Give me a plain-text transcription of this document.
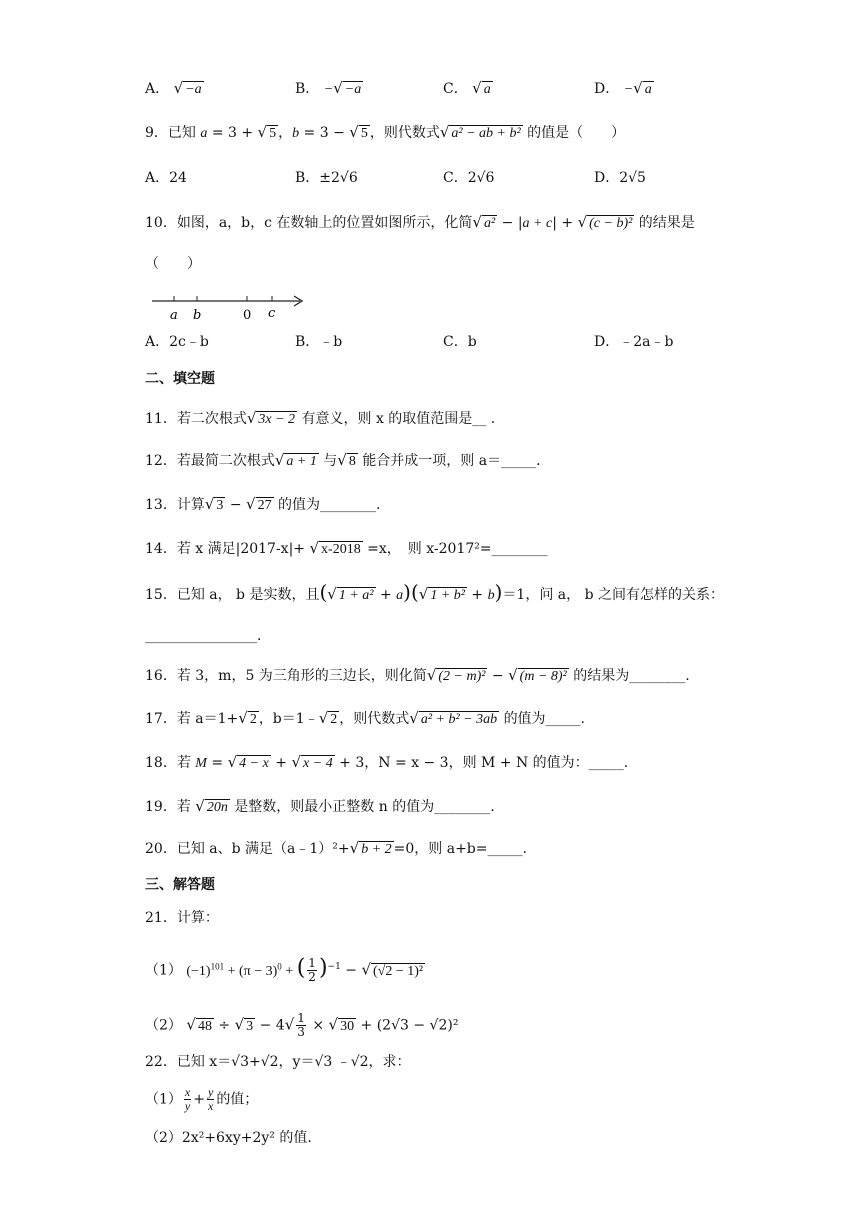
A． √ −a	B． −√ −a	C． √ a	D． −√ a
9．已知 a = 3 + √ 5 ，b = 3 − √ 5 ，则代数式√ a² − ab + b² 的值是（　　）
A．24	B．±2√6	C．2√6	D．2√5
10．如图，a，b，c 在数轴上的位置如图所示，化简√ a² − |a + c| + √ (c − b)² 的结果是
（　　）
a b	0 c
A．2c﹣b	B．﹣b	C．b	D．﹣2a﹣b
二、填空题
11．若二次根式√ 3x − 2 有意义，则 x 的取值范围是__ ．
12．若最简二次根式√ a + 1 与√ 8 能合并成一项，则 a＝_____．
13．计算√ 3 − √ 27 的值为________.
14．若 x 满足|2017-x|+ √ x-2018 =x，　则 x-2017²=________
15．已知 a， b 是实数，且(√ 1 + a² + a)(√ 1 + b² + b)＝1，问 a， b 之间有怎样的关系：
________________．
16．若 3，m，5 为三角形的三边长，则化简√ (2 − m)² − √ (m − 8)² 的结果为________.
17．若 a＝1+√ 2 ，b＝1﹣√ 2 ，则代数式√ a² + b² − 3ab 的值为_____.
18．若 M = √ 4 − x + √ x − 4 + 3，N = x − 3，则 M + N 的值为：_____.
19．若 √ 20n 是整数，则最小正整数 n 的值为________.
20．已知 a、b 满足（a﹣1）²+√ b + 2 =0，则 a+b=_____.
三、解答题
21．计算：
（1） $(-1)^{101} + (\pi - 3)^0$ + ( $\frac{1}{2} )^{-1}$ − √ (√2 − 1)²
（2） √ 48 ÷ √ $3 - 4√ \frac{1}{3}$ × √ 30 + (2√3 − √2)²
22．已知 x＝√3+√2，y＝√3 ﹣√2，求：
$(1) \frac{x}{y} + \frac{y}{x}$ 的值；
（2）2x²+6xy+2y² 的值.
